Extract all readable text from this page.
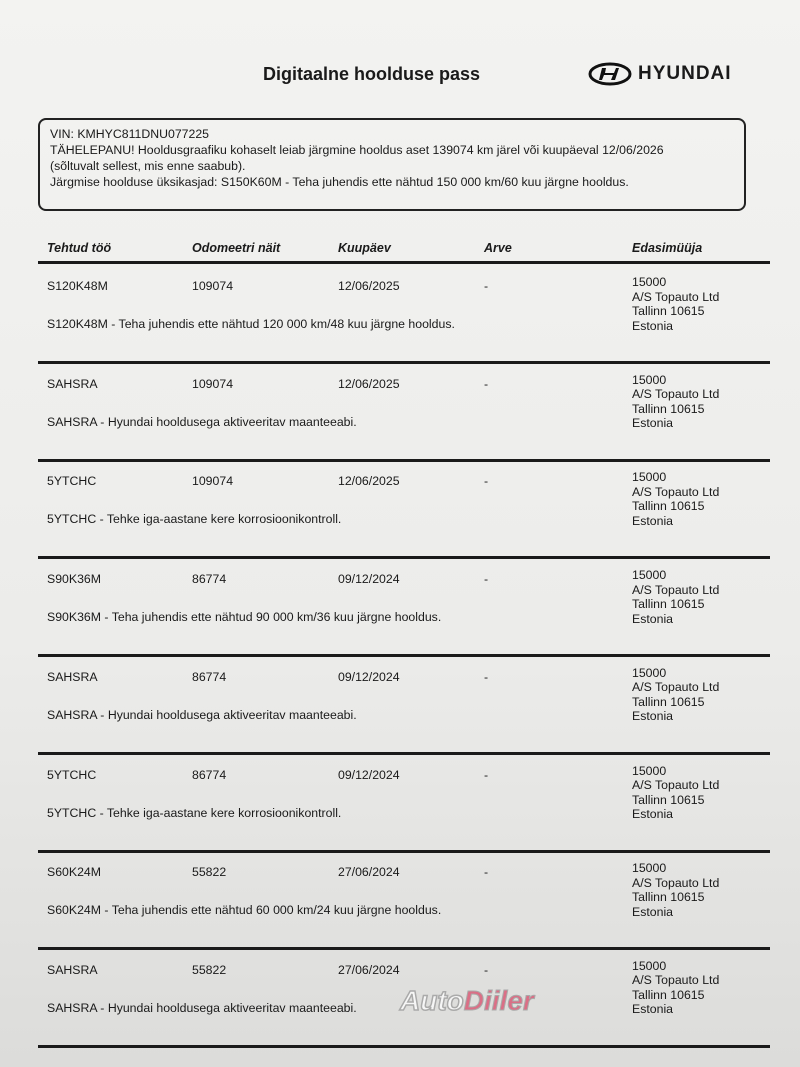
Digitaalne hoolduse pass	HYUNDAI
VIN: KMHYC811DNU077225
TÄHELEPANU! Hooldusgraafiku kohaselt leiab järgmine hooldus aset 139074 km järel või kuupäeval 12/06/2026
(sõltuvalt sellest, mis enne saabub).
Järgmise hoolduse üksikasjad: S150K60M - Teha juhendis ette nähtud 150 000 km/60 kuu järgne hooldus.
Tehtud töö	Odomeetri näit	Kuupäev	Arve	Edasimüüja
S120K48M	109074	12/06/2025	-	15000
A/S Topauto Ltd
Tallinn 10615
Estonia
S120K48M - Teha juhendis ette nähtud 120 000 km/48 kuu järgne hooldus.
SAHSRA	109074	12/06/2025	-	15000
A/S Topauto Ltd
Tallinn 10615
Estonia
SAHSRA - Hyundai hooldusega aktiveeritav maanteeabi.
5YTCHC	109074	12/06/2025	-	15000
A/S Topauto Ltd
Tallinn 10615
Estonia
5YTCHC - Tehke iga-aastane kere korrosioonikontroll.
S90K36M	86774	09/12/2024	-	15000
A/S Topauto Ltd
Tallinn 10615
Estonia
S90K36M - Teha juhendis ette nähtud 90 000 km/36 kuu järgne hooldus.
SAHSRA	86774	09/12/2024	-	15000
A/S Topauto Ltd
Tallinn 10615
Estonia
SAHSRA - Hyundai hooldusega aktiveeritav maanteeabi.
5YTCHC	86774	09/12/2024	-	15000
A/S Topauto Ltd
Tallinn 10615
Estonia
5YTCHC - Tehke iga-aastane kere korrosioonikontroll.
S60K24M	55822	27/06/2024	-	15000
A/S Topauto Ltd
Tallinn 10615
Estonia
S60K24M - Teha juhendis ette nähtud 60 000 km/24 kuu järgne hooldus.
SAHSRA	55822	27/06/2024	-	15000
A/S Topauto Ltd
Tallinn 10615
Estonia
SAHSRA - Hyundai hooldusega aktiveeritav maanteeabi. AutoDiiler
